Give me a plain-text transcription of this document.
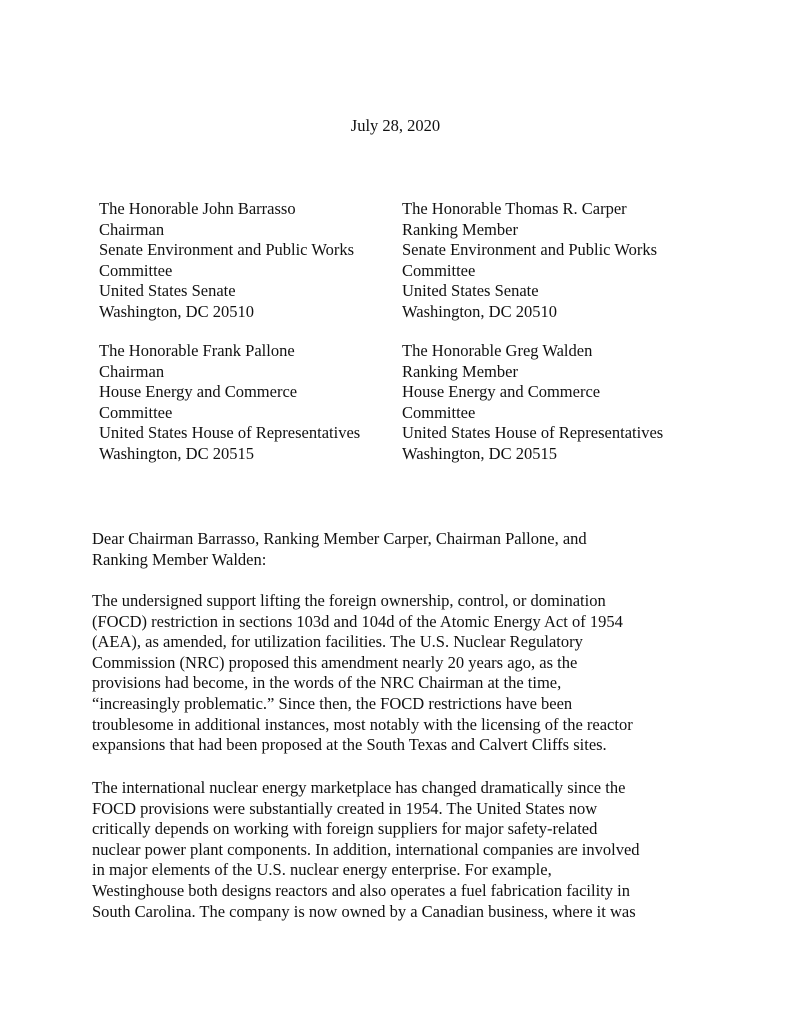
July 28, 2020
The Honorable John Barrasso
Chairman
Senate Environment and Public Works
Committee
United States Senate
Washington, DC 20510
The Honorable Thomas R. Carper
Ranking Member
Senate Environment and Public Works
Committee
United States Senate
Washington, DC 20510
The Honorable Frank Pallone
Chairman
House Energy and Commerce
Committee
United States House of Representatives
Washington, DC 20515
The Honorable Greg Walden
Ranking Member
House Energy and Commerce
Committee
United States House of Representatives
Washington, DC 20515
Dear Chairman Barrasso, Ranking Member Carper, Chairman Pallone, and
Ranking Member Walden:
The undersigned support lifting the foreign ownership, control, or domination
(FOCD) restriction in sections 103d and 104d of the Atomic Energy Act of 1954
(AEA), as amended, for utilization facilities. The U.S. Nuclear Regulatory
Commission (NRC) proposed this amendment nearly 20 years ago, as the
provisions had become, in the words of the NRC Chairman at the time,
“increasingly problematic.” Since then, the FOCD restrictions have been
troublesome in additional instances, most notably with the licensing of the reactor
expansions that had been proposed at the South Texas and Calvert Cliffs sites.
The international nuclear energy marketplace has changed dramatically since the
FOCD provisions were substantially created in 1954. The United States now
critically depends on working with foreign suppliers for major safety-related
nuclear power plant components. In addition, international companies are involved
in major elements of the U.S. nuclear energy enterprise. For example,
Westinghouse both designs reactors and also operates a fuel fabrication facility in
South Carolina. The company is now owned by a Canadian business, where it was
